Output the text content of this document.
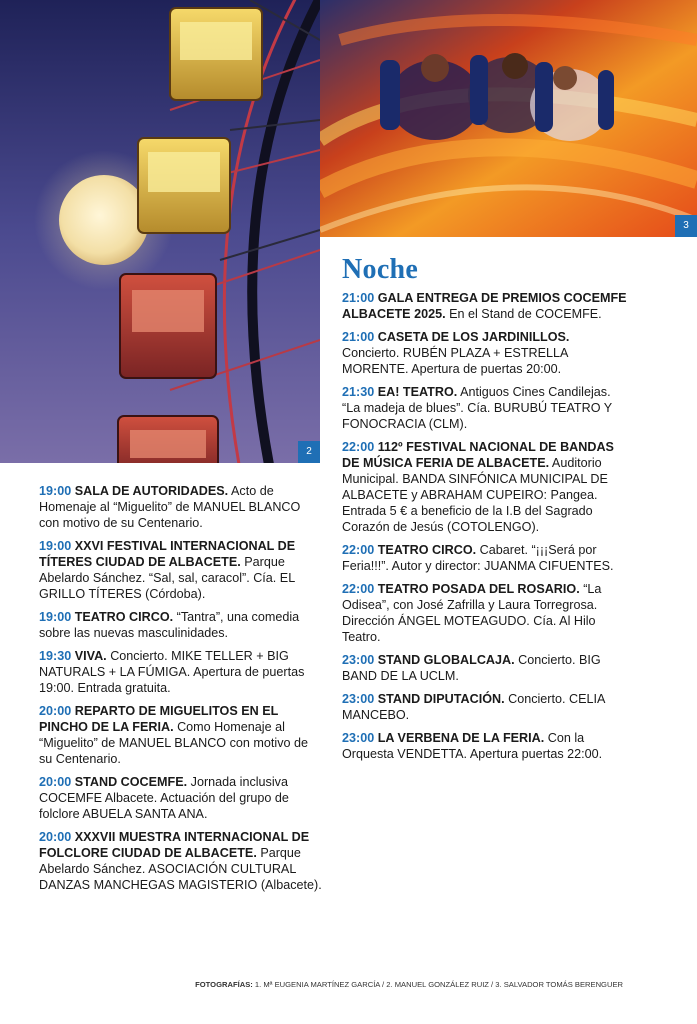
2
3

19:00 SALA DE AUTORIDADES. Acto de Homenaje al “Miguelito” de MANUEL BLANCO con motivo de su Centenario.

19:00 XXVI FESTIVAL INTERNACIONAL DE TÍTERES CIUDAD DE ALBACETE. Parque Abelardo Sánchez. “Sal, sal, caracol”. Cía. EL GRILLO TÍTERES (Córdoba).

19:00 TEATRO CIRCO. “Tantra”, una comedia sobre las nuevas masculinidades.

19:30 VIVA. Concierto. MIKE TELLER + BIG NATURALS + LA FÚMIGA. Apertura de puertas 19:00. Entrada gratuita.

20:00 REPARTO DE MIGUELITOS EN EL PINCHO DE LA FERIA. Como Homenaje al “Miguelito” de MANUEL BLANCO con motivo de su Centenario.

20:00 STAND COCEMFE. Jornada inclusiva COCEMFE Albacete. Actuación del grupo de folclore ABUELA SANTA ANA.

20:00 XXXVII MUESTRA INTERNACIONAL DE FOLCLORE CIUDAD DE ALBACETE. Parque Abelardo Sánchez. ASOCIACIÓN CULTURAL DANZAS MANCHEGAS MAGISTERIO (Albacete).

Noche

21:00 GALA ENTREGA DE PREMIOS COCEMFE ALBACETE 2025. En el Stand de COCEMFE.

21:00 CASETA DE LOS JARDINILLOS. Concierto. RUBÉN PLAZA + ESTRELLA MORENTE. Apertura de puertas 20:00.

21:30 EA! TEATRO. Antiguos Cines Candilejas. “La madeja de blues”. Cía. BURUBÚ TEATRO Y FONOCRACIA (CLM).

22:00 112º FESTIVAL NACIONAL DE BANDAS DE MÚSICA FERIA DE ALBACETE. Auditorio Municipal. BANDA SINFÓNICA MUNICIPAL DE ALBACETE y ABRAHAM CUPEIRO: Pangea. Entrada 5 € a beneficio de la I.B del Sagrado Corazón de Jesús (COTOLENGO).

22:00 TEATRO CIRCO. Cabaret. “¡¡¡Será por Feria!!!”. Autor y director: JUANMA CIFUENTES.

22:00 TEATRO POSADA DEL ROSARIO. “La Odisea”, con José Zafrilla y Laura Torregrosa. Dirección ÁNGEL MOTEAGUDO. Cía. Al Hilo Teatro.

23:00 STAND GLOBALCAJA. Concierto. BIG BAND DE LA UCLM.

23:00 STAND DIPUTACIÓN. Concierto. CELIA MANCEBO.

23:00 LA VERBENA DE LA FERIA. Con la Orquesta VENDETTA. Apertura puertas 22:00.

FOTOGRAFÍAS: 1. Mª EUGENIA MARTÍNEZ GARCÍA / 2. MANUEL GONZÁLEZ RUIZ / 3. SALVADOR TOMÁS BERENGUER
